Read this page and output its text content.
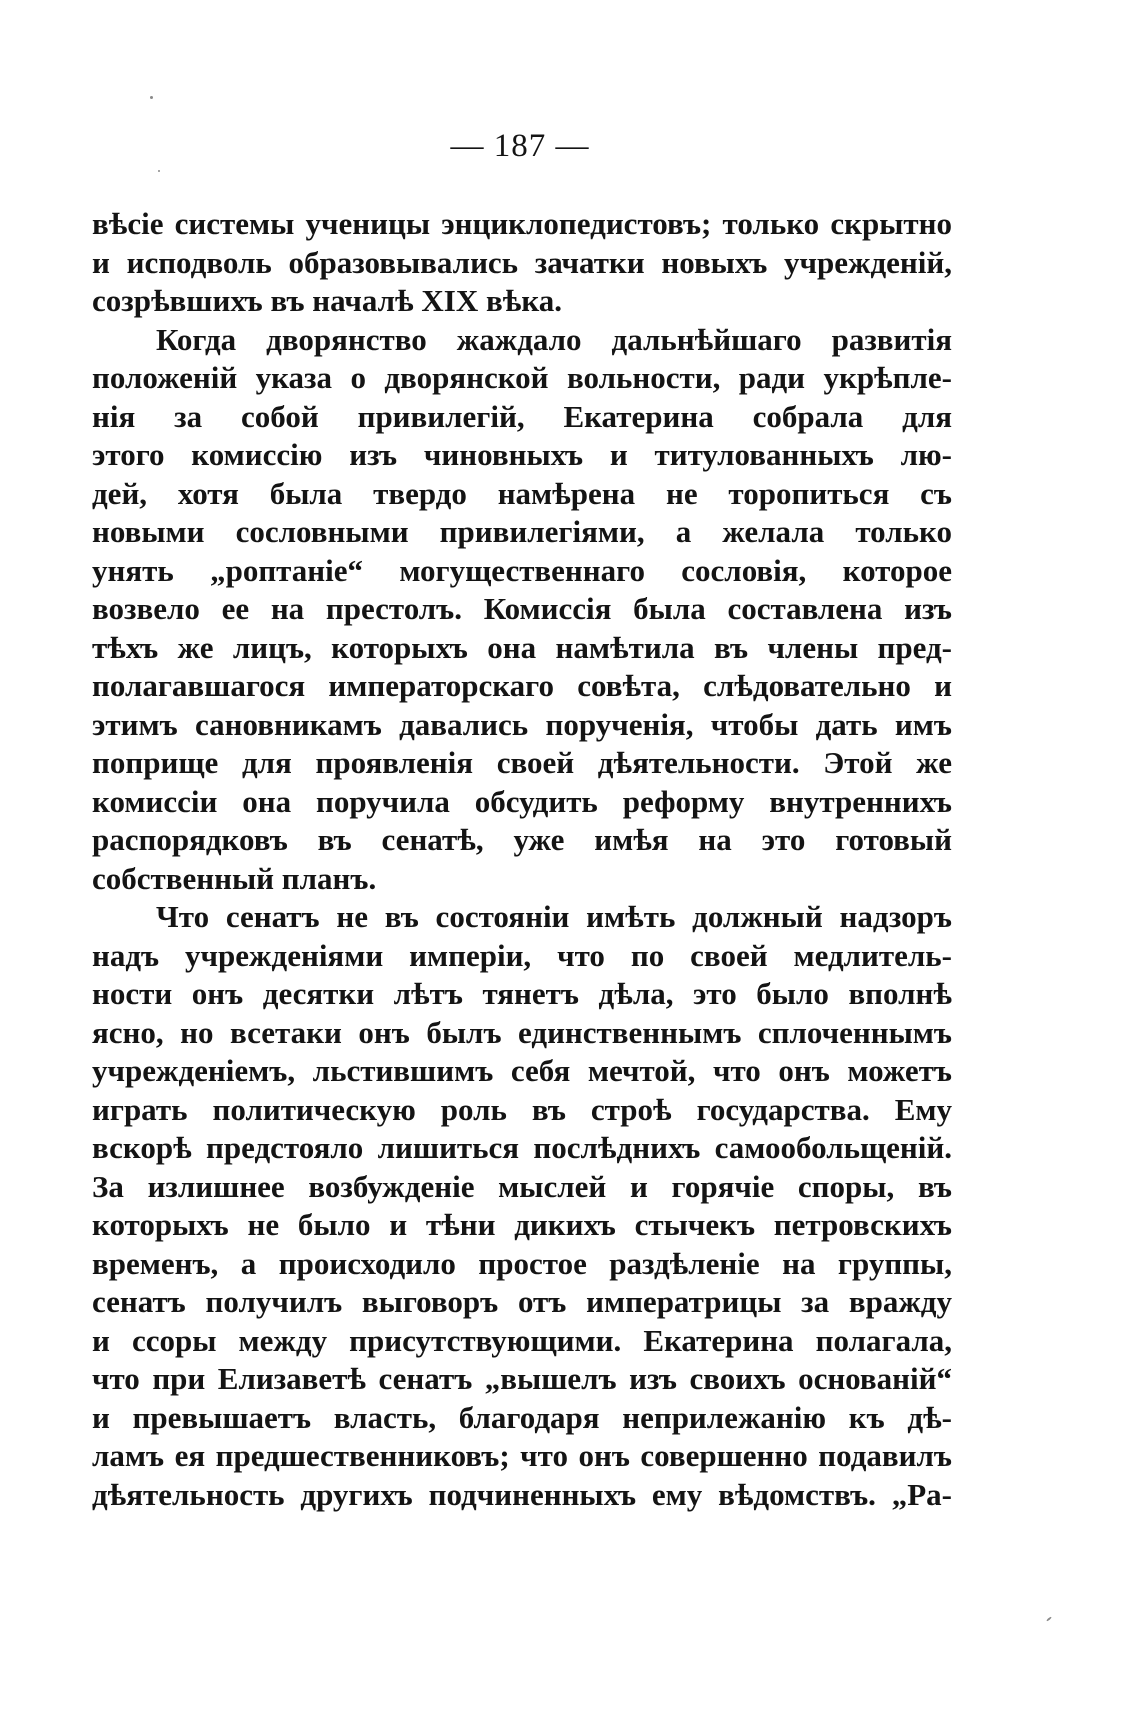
— 187 —
вѣсіе системы ученицы энциклопедистовъ; только скрытно
и исподволь образовывались зачатки новыхъ учрежденій,
созрѣвшихъ въ началѣ XIX вѣка.
Когда дворянство жаждало дальнѣйшаго развитія
положеній указа о дворянской вольности, ради укрѣпле-
нія за собой привилегій, Екатерина собрала для
этого комиссію изъ чиновныхъ и титулованныхъ лю-
дей, хотя была твердо намѣрена не торопиться съ
новыми сословными привилегіями, а желала только
унять „роптаніе“ могущественнаго сословія, которое
возвело ее на престолъ. Комиссія была составлена изъ
тѣхъ же лицъ, которыхъ она намѣтила въ члены пред-
полагавшагося императорскаго совѣта, слѣдовательно и
этимъ сановникамъ давались порученія, чтобы дать имъ
поприще для проявленія своей дѣятельности. Этой же
комиссіи она поручила обсудить реформу внутреннихъ
распорядковъ въ сенатѣ, уже имѣя на это готовый
собственный планъ.
Что сенатъ не въ состояніи имѣть должный надзоръ
надъ учрежденіями имперіи, что по своей медлитель-
ности онъ десятки лѣтъ тянетъ дѣла, это было вполнѣ
ясно, но всетаки онъ былъ единственнымъ сплоченнымъ
учрежденіемъ, льстившимъ себя мечтой, что онъ можетъ
играть политическую роль въ строѣ государства. Ему
вскорѣ предстояло лишиться послѣднихъ самообольщеній.
За излишнее возбужденіе мыслей и горячіе споры, въ
которыхъ не было и тѣни дикихъ стычекъ петровскихъ
временъ, а происходило простое раздѣленіе на группы,
сенатъ получилъ выговоръ отъ императрицы за вражду
и ссоры между присутствующими. Екатерина полагала,
что при Елизаветѣ сенатъ „вышелъ изъ своихъ основаній“
и превышаетъ власть, благодаря неприлежанію къ дѣ-
ламъ ея предшественниковъ; что онъ совершенно подавилъ
дѣятельность другихъ подчиненныхъ ему вѣдомствъ. „Ра-
